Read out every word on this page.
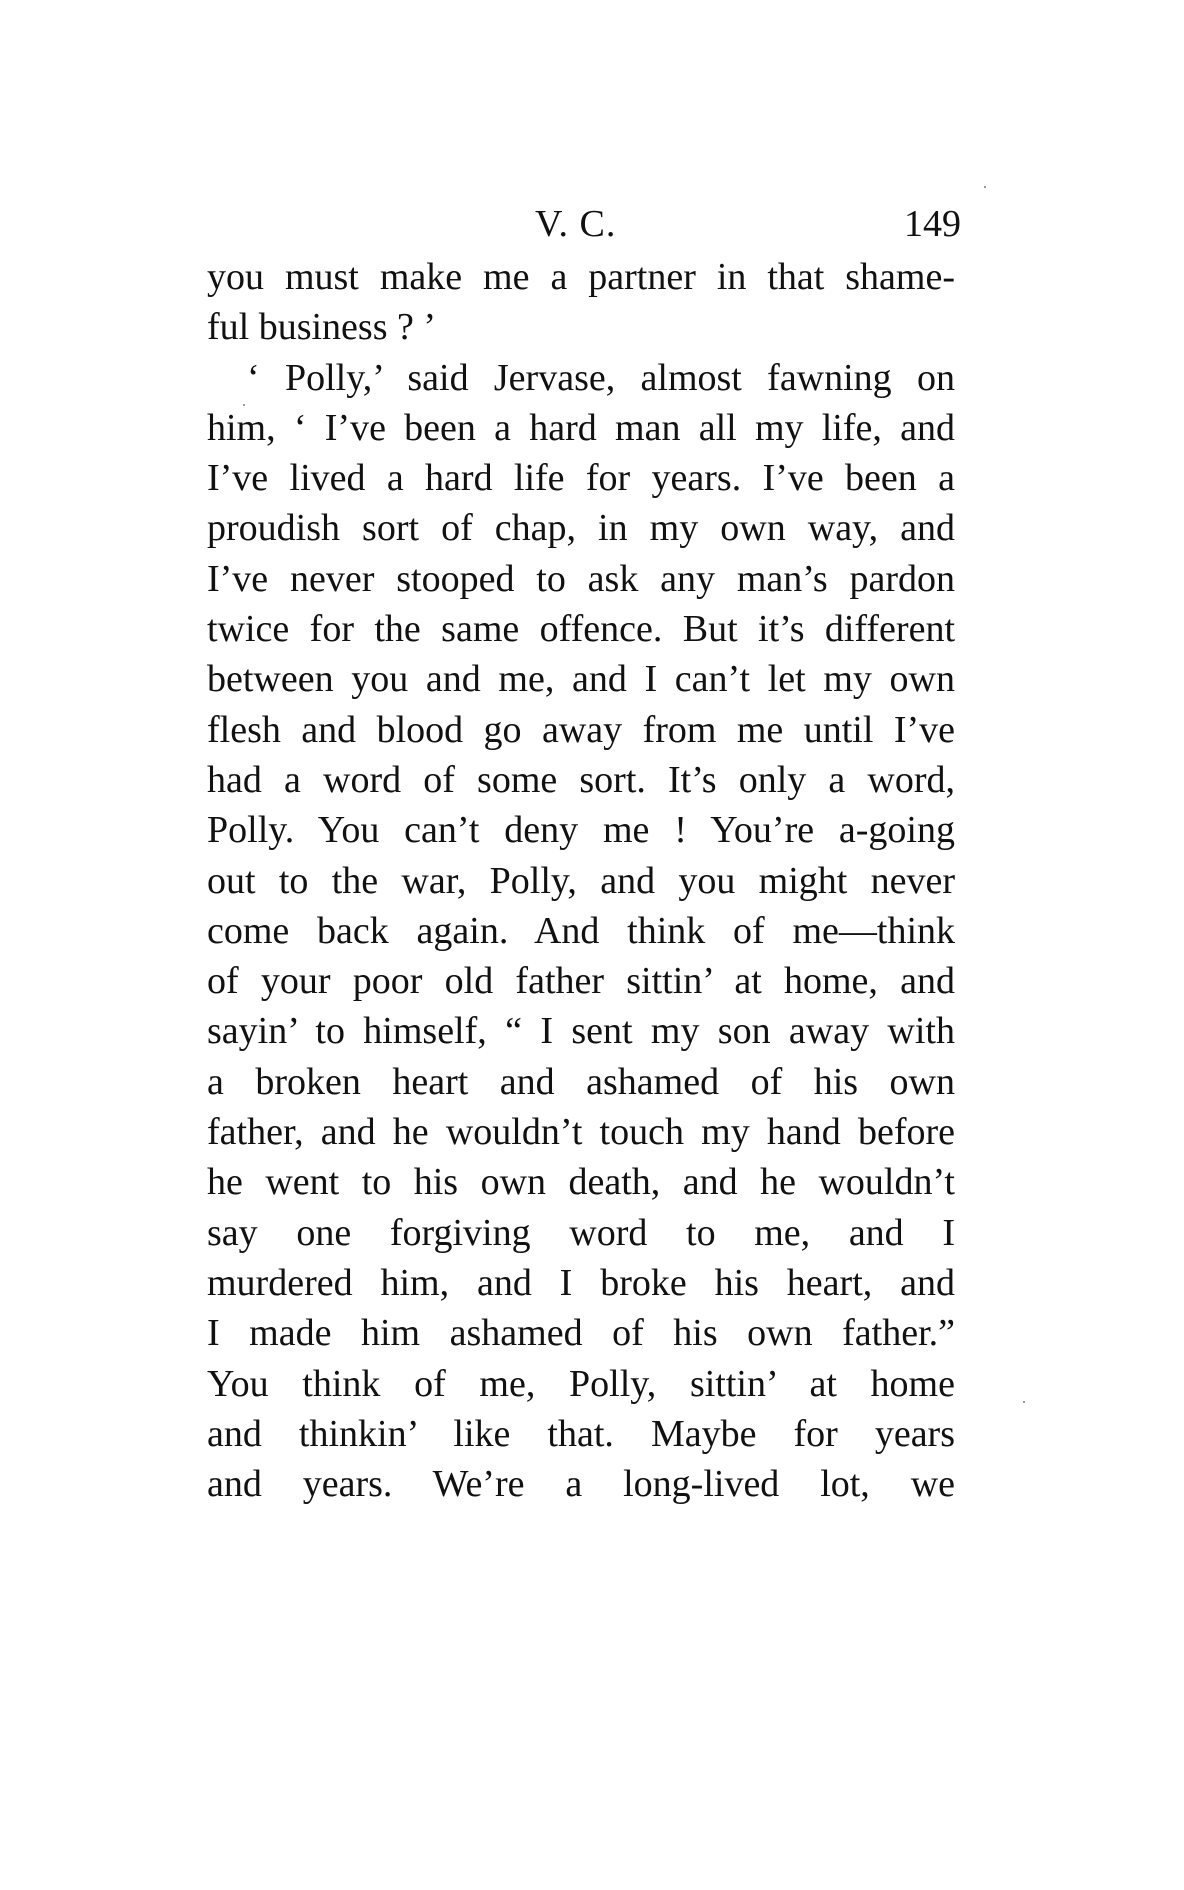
V. C.	149
you must make me a partner in that shame-
ful business ? ’
‘ Polly,’ said Jervase, almost fawning on
him, ‘ I’ve been a hard man all my life, and
I’ve lived a hard life for years. I’ve been a
proudish sort of chap, in my own way, and
I’ve never stooped to ask any man’s pardon
twice for the same offence. But it’s different
between you and me, and I can’t let my own
flesh and blood go away from me until I’ve
had a word of some sort. It’s only a word,
Polly. You can’t deny me ! You’re a-going
out to the war, Polly, and you might never
come back again. And think of me—think
of your poor old father sittin’ at home, and
sayin’ to himself, “ I sent my son away with
a broken heart and ashamed of his own
father, and he wouldn’t touch my hand before
he went to his own death, and he wouldn’t
say one forgiving word to me, and I
murdered him, and I broke his heart, and
I made him ashamed of his own father.”
You think of me, Polly, sittin’ at home
and thinkin’ like that. Maybe for years
and years. We’re a long-lived lot, we
